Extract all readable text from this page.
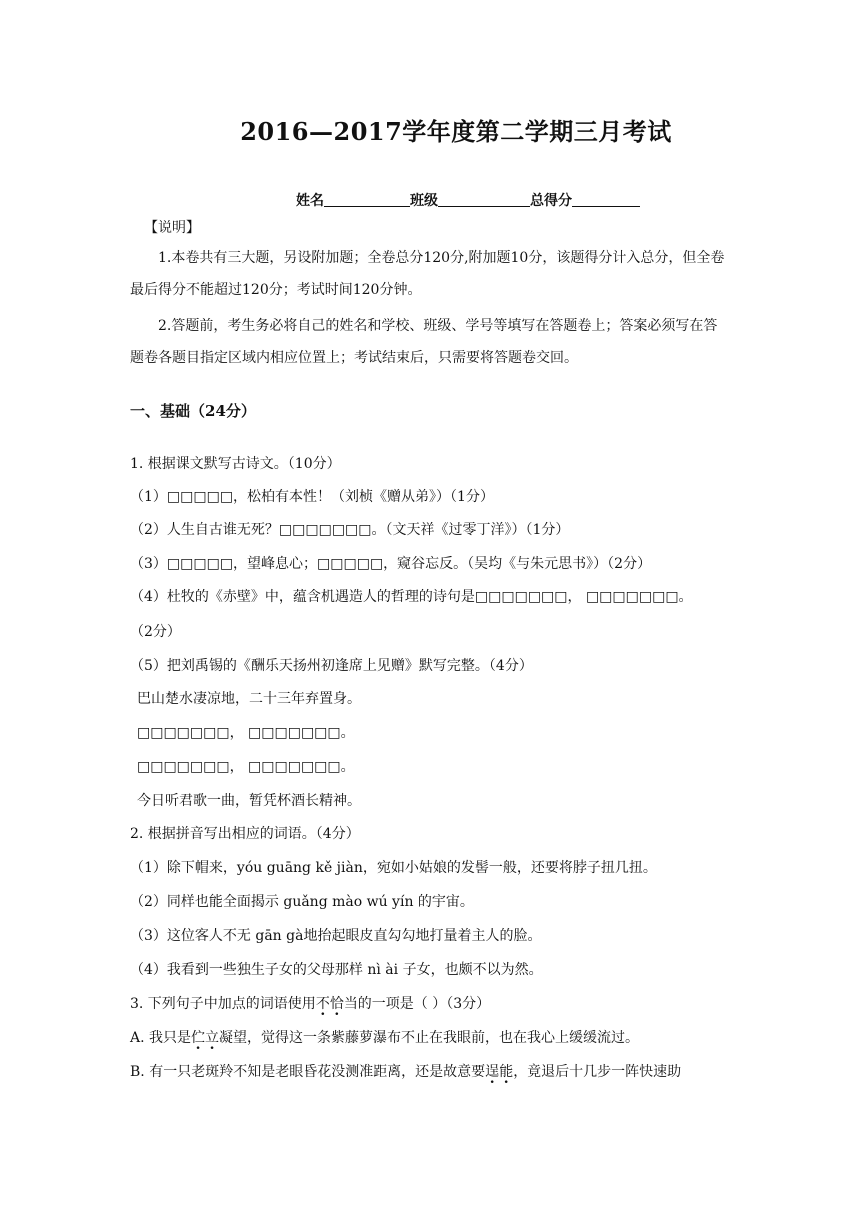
2016—2017学年度第二学期三月考试
姓名	班级	总得分
【说明】

1.本卷共有三大题，另设附加题；全卷总分120分,附加题10分，该题得分计入总分，但全卷最后得分不能超过120分；考试时间120分钟。

2.答题前，考生务必将自己的姓名和学校、班级、学号等填写在答题卷上；答案必须写在答题卷各题目指定区域内相应位置上；考试结束后，只需要将答题卷交回。

一、基础（24分）
1. 根据课文默写古诗文。（10分）
（1）□□□□□，松柏有本性！（刘桢《赠从弟》）（1分）
（2）人生自古谁无死？□□□□□□□。（文天祥《过零丁洋》）（1分）
（3）□□□□□，望峰息心；□□□□□，窥谷忘反。（吴均《与朱元思书》）（2分）
（4）杜牧的《赤壁》中，蕴含机遇造人的哲理的诗句是□□□□□□□， □□□□□□□。
（2分）
（5）把刘禹锡的《酬乐天扬州初逢席上见赠》默写完整。（4分）
巴山楚水凄凉地，二十三年弃置身。
□□□□□□□， □□□□□□□。
□□□□□□□， □□□□□□□。
今日听君歌一曲，暂凭杯酒长精神。
2. 根据拼音写出相应的词语。（4分）
（1）除下帽来，yóu guāng kě jiàn，宛如小姑娘的发髻一般，还要将脖子扭几扭。
（2）同样也能全面揭示 guǎng mào wú yín 的宇宙。
（3）这位客人不无 gān gà地抬起眼皮直勾勾地打量着主人的脸。
（4）我看到一些独生子女的父母那样 nì ài 子女，也颇不以为然。
3. 下列句子中加点的词语使用不恰当的一项是（ ）（3分）
A. 我只是伫立凝望，觉得这一条紫藤萝瀑布不止在我眼前，也在我心上缓缓流过。
B. 有一只老斑羚不知是老眼昏花没测准距离，还是故意要逞能，竟退后十几步一阵快速助
